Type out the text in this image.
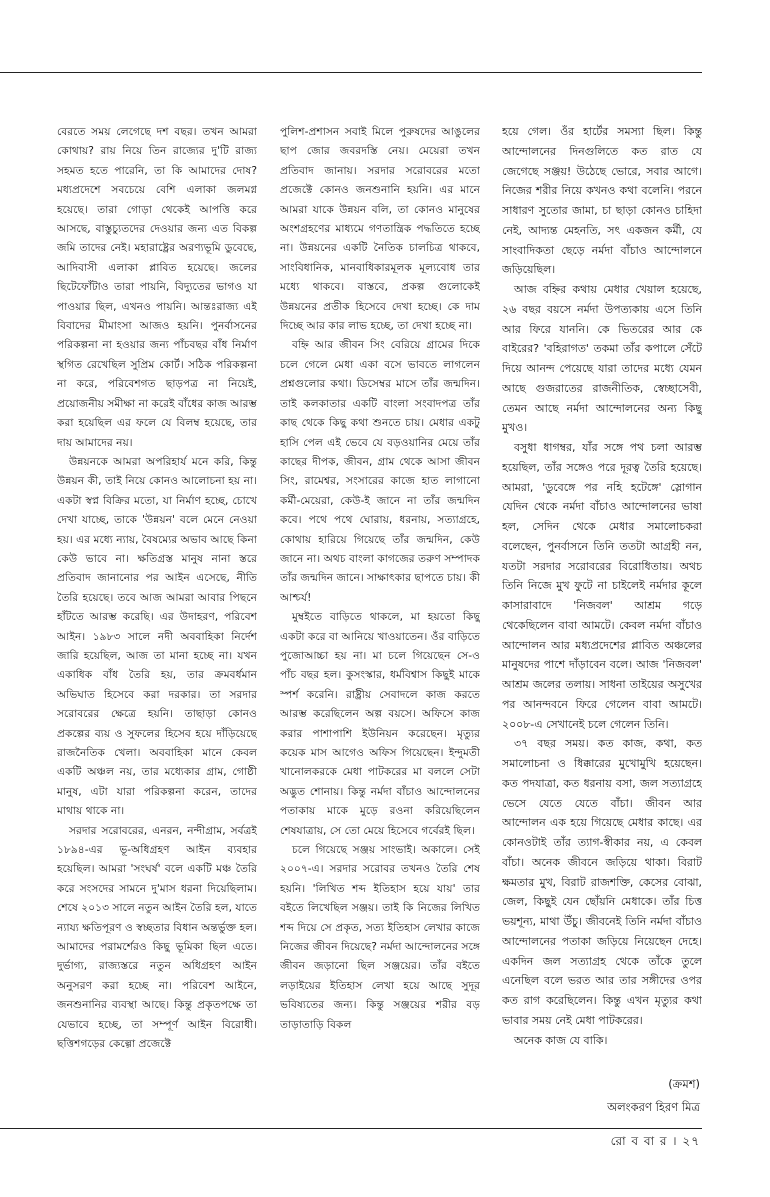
বেরতে সময় লেগেছে দশ বছর। তখন আমরা কোথায়? রায় নিয়ে তিন রাজ্যের দু'টি রাজ্য সহমত হতে পারেনি, তা কি আমাদের দোষ? মধ্যপ্রদেশে সবচেয়ে বেশি এলাকা জলমগ্ন হয়েছে। তারা গোড়া থেকেই আপত্তি করে আসছে, বাস্তুচ্যুতদের দেওয়ার জন্য এত বিকল্প জমি তাদের নেই। মহারাষ্ট্রের অরণ্যভূমি ডুবেছে, আদিবাসী এলাকা প্লাবিত হয়েছে। জলের ছিটেফোঁটাও তারা পায়নি, বিদ্যুতের ভাগও যা পাওয়ার ছিল, এখনও পায়নি। আন্তঃরাজ্য এই বিবাদের মীমাংসা আজও হয়নি। পুনর্বাসনের পরিকল্পনা না হওয়ার জন্য পাঁচবছর বাঁধ নির্মাণ স্থগিত রেখেছিল সুপ্রিম কোর্ট। সঠিক পরিকল্পনা না করে, পরিবেশগত ছাড়পত্র না নিয়েই, প্রয়োজনীয় সমীক্ষা না করেই বাঁধের কাজ আরম্ভ করা হয়েছিল এর ফলে যে বিলম্ব হয়েছে, তার দায় আমাদের নয়।

উন্নয়নকে আমরা অপরিহার্য মনে করি, কিন্তু উন্নয়ন কী, তাই নিয়ে কোনও আলোচনা হয় না। একটা স্বপ্ন বিক্রির মতো, যা নির্মাণ হচ্ছে, চোখে দেখা যাচ্ছে, তাকে 'উন্নয়ন' বলে মেনে নেওয়া হয়। এর মধ্যে ন্যায়, বৈষম্যের অভাব আছে কিনা কেউ ভাবে না। ক্ষতিগ্রস্ত মানুষ নানা স্তরে প্রতিবাদ জানানোর পর আইন এসেছে, নীতি তৈরি হয়েছে। তবে আজ আমরা আবার পিছনে হাঁটতে আরম্ভ করেছি। এর উদাহরণ, পরিবেশ আইন। ১৯৮৩ সালে নদী অববাহিকা নির্দেশ জারি হয়েছিল, আজ তা মানা হচ্ছে না। যখন একাধিক বাঁধ তৈরি হয়, তার ক্রমবর্ধমান অভিঘাত হিসেবে করা দরকার। তা সরদার সরোবরের ক্ষেত্রে হয়নি। তাছাড়া কোনও প্রকল্পের ব্যয় ও সুফলের হিসেব হয়ে দাঁড়িয়েছে রাজনৈতিক খেলা। অববাহিকা মানে কেবল একটি অঞ্চল নয়, তার মধ্যেকার গ্রাম, গোষ্ঠী মানুষ, এটা যারা পরিকল্পনা করেন, তাদের মাথায় থাকে না।

সরদার সরোবরের, এনরন, নন্দীগ্রাম, সর্বত্রই ১৮৯৪-এর ভূ-অধিগ্রহণ আইন ব্যবহার হয়েছিল। আমরা 'সংঘর্ষ' বলে একটি মঞ্চ তৈরি করে সংসদের সামনে দু'মাস ধরনা দিয়েছিলাম। শেষে ২০১৩ সালে নতুন আইন তৈরি হল, যাতে ন্যায্য ক্ষতিপূরণ ও স্বচ্ছতার বিধান অন্তর্ভুক্ত হল। আমাদের পরামর্শেরও কিছু ভূমিকা ছিল এতে। দুর্ভাগ্য, রাজ্যস্তরে নতুন অধিগ্রহণ আইন অনুসরণ করা হচ্ছে না। পরিবেশ আইনে, জনশুনানির ব্যবস্থা আছে। কিন্তু প্রকৃতপক্ষে তা যেভাবে হচ্ছে, তা সম্পূর্ণ আইন বিরোধী। ছত্তিশগড়ের কেল্গো প্রজেক্টে

পুলিশ-প্রশাসন সবাই মিলে পুরুষদের আঙুলের ছাপ জোর জবরদস্তি নেয়। মেয়েরা তখন প্রতিবাদ জানায়। সরদার সরোবরের মতো প্রজেক্টে কোনও জনশুনানি হয়নি। এর মানে আমরা যাকে উন্নয়ন বলি, তা কোনও মানুষের অংশগ্রহণের মাধ্যমে গণতান্ত্রিক পদ্ধতিতে হচ্ছে না। উন্নয়নের একটি নৈতিক চালচিত্র থাকবে, সাংবিধানিক, মানবাধিকারমূলক মূল্যবোধ তার মধ্যে থাকবে। বাস্তবে, প্রকল্প গুলোকেই উন্নয়নের প্রতীক হিসেবে দেখা হচ্ছে। কে দাম দিচ্ছে আর কার লাভ হচ্ছে, তা দেখা হচ্ছে না।

বহ্নি আর জীবন সিং বেরিয়ে গ্রামের দিকে চলে গেলে মেধা একা বসে ভাবতে লাগলেন প্রশ্নগুলোর কথা। ডিসেম্বর মাসে তাঁর জন্মদিন। তাই কলকাতার একটি বাংলা সংবাদপত্র তাঁর কাছ থেকে কিছু কথা শুনতে চায়। মেধার একটু হাসি পেল এই ভেবে যে বড়ওয়ানির মেয়ে তাঁর কাছের দীপক, জীবন, গ্রাম থেকে আসা জীবন সিং, রামেশ্বর, সংসারের কাজে হাত লাগানো কর্মী-মেয়েরা, কেউ-ই জানে না তাঁর জন্মদিন কবে। পথে পথে ঘোরায়, ধরনায়, সত্যাগ্রহে, কোথায় হারিয়ে গিয়েছে তাঁর জন্মদিন, কেউ জানে না। অথচ বাংলা কাগজের তরুণ সম্পাদক তাঁর জন্মদিন জানে। সাক্ষাৎকার ছাপতে চায়। কী আশ্চর্য!

মুম্বইতে বাড়িতে থাকলে, মা হয়তো কিছু একটা করে বা আনিয়ে খাওয়াতেন। ওঁর বাড়িতে পুজোআচ্চা হয় না। মা চলে গিয়েছেন সে-ও পাঁচ বছর হল। কুসংস্কার, ধর্মবিশ্বাস কিছুই মাকে স্পর্শ করেনি। রাষ্ট্রীয় সেবাদলে কাজ করতে আরম্ভ করেছিলেন অল্প বয়সে। অফিসে কাজ করার পাশাপাশি ইউনিয়ন করেছেন। মৃত্যুর কয়েক মাস আগেও অফিস গিয়েছেন। ইন্দুমতী খানোলকরকে মেধা পাটকরের মা বললে সেটা অদ্ভুত শোনায়। কিন্তু নর্মদা বাঁচাও আন্দোলনের পতাকায় মাকে মুড়ে রওনা করিয়েছিলেন শেষযাত্রায়, সে তো মেয়ে হিসেবে গর্বেরই ছিল।

চলে গিয়েছে সঞ্জয় সাংভাই। অকালে। সেই ২০০৭-এ। সরদার সরোবর তখনও তৈরি শেষ হয়নি। 'লিখিত শব্দ ইতিহাস হয়ে যায়' তার বইতে লিখেছিল সঞ্জয়। তাই কি নিজের লিখিত শব্দ দিয়ে সে প্রকৃত, সত্য ইতিহাস লেখার কাজে নিজের জীবন দিয়েছে? নর্মদা আন্দোলনের সঙ্গে জীবন জড়ানো ছিল সঞ্জয়ের। তাঁর বইতে লড়াইয়ের ইতিহাস লেখা হয়ে আছে সুদূর ভবিষ্যতের জন্য। কিন্তু সঞ্জয়ের শরীর বড় তাড়াতাড়ি বিকল

হয়ে গেল। ওঁর হার্টের সমস্যা ছিল। কিন্তু আন্দোলনের দিনগুলিতে কত রাত যে জেগেছে সঞ্জয়! উঠেছে ভোরে, সবার আগে। নিজের শরীর নিয়ে কখনও কথা বলেনি। পরনে সাধারণ সুতোর জামা, চা ছাড়া কোনও চাহিদা নেই, আদ্যন্ত মেহনতি, সৎ একজন কর্মী, যে সাংবাদিকতা ছেড়ে নর্মদা বাঁচাও আন্দোলনে জড়িয়েছিল।

আজ বহ্নির কথায় মেধার খেয়াল হয়েছে, ২৬ বছর বয়সে নর্মদা উপত্যকায় এসে তিনি আর ফিরে যাননি। কে ভিতরের আর কে বাইরের? 'বহিরাগত' তকমা তাঁর কপালে সেঁটে দিয়ে আনন্দ পেয়েছে যারা তাদের মধ্যে যেমন আছে গুজরাতের রাজনীতিক, স্বেচ্ছাসেবী, তেমন আছে নর্মদা আন্দোলনের অন্য কিছু মুখও।

বসুধা ধাগম্বর, যাঁর সঙ্গে পথ চলা আরম্ভ হয়েছিল, তাঁর সঙ্গেও পরে দূরত্ব তৈরি হয়েছে। আমরা, 'ডুবেঙ্গে পর নহি হটেঙ্গে' স্লোগান যেদিন থেকে নর্মদা বাঁচাও আন্দোলনের ভাষা হল, সেদিন থেকে মেধার সমালোচকরা বলেছেন, পুনর্বাসনে তিনি ততটা আগ্রহী নন, যতটা সরদার সরোবরের বিরোধিতায়। অথচ তিনি নিজে মুখ ফুটে না চাইলেই নর্মদার কূলে কাসারাবাদে 'নিজবল' আশ্রম গড়ে থেকেছিলেন বাবা আমটে। কেবল নর্মদা বাঁচাও আন্দোলন আর মধ্যপ্রদেশের প্লাবিত অঞ্চলের মানুষদের পাশে দাঁড়াবেন বলে। আজ 'নিজবল' আশ্রম জলের তলায়। সাধনা তাইয়ের অসুখের পর আনন্দবনে ফিরে গেলেন বাবা আমটে। ২০০৮-এ সেখানেই চলে গেলেন তিনি।

৩৭ বছর সময়। কত কাজ, কথা, কত সমালোচনা ও ধিক্কারের মুখোমুখি হয়েছেন। কত পদযাত্রা, কত ধরনায় বসা, জল সত্যাগ্রহে ভেসে যেতে যেতে বাঁচা। জীবন আর আন্দোলন এক হয়ে গিয়েছে মেধার কাছে। এর কোনওটাই তাঁর ত্যাগ-স্বীকার নয়, এ কেবল বাঁচা। অনেক জীবনে জড়িয়ে থাকা। বিরাট ক্ষমতার মুখ, বিরাট রাজশক্তি, কেসের বোঝা, জেল, কিছুই যেন ছোঁয়নি মেধাকে। তাঁর চিত্ত ভয়শূন্য, মাথা উঁচু। জীবনেই তিনি নর্মদা বাঁচাও আন্দোলনের পতাকা জড়িয়ে নিয়েছেন দেহে। একদিন জল সত্যাগ্রহ থেকে তাঁকে তুলে এনেছিল বলে ভরত আর তার সঙ্গীদের ওপর কত রাগ করেছিলেন। কিন্তু এখন মৃত্যুর কথা ভাবার সময় নেই মেধা পাটকরের।

অনেক কাজ যে বাকি।

(ক্রমশ)
অলংকরণ হিরণ মিত্র
রো ব বা র । ২৭
